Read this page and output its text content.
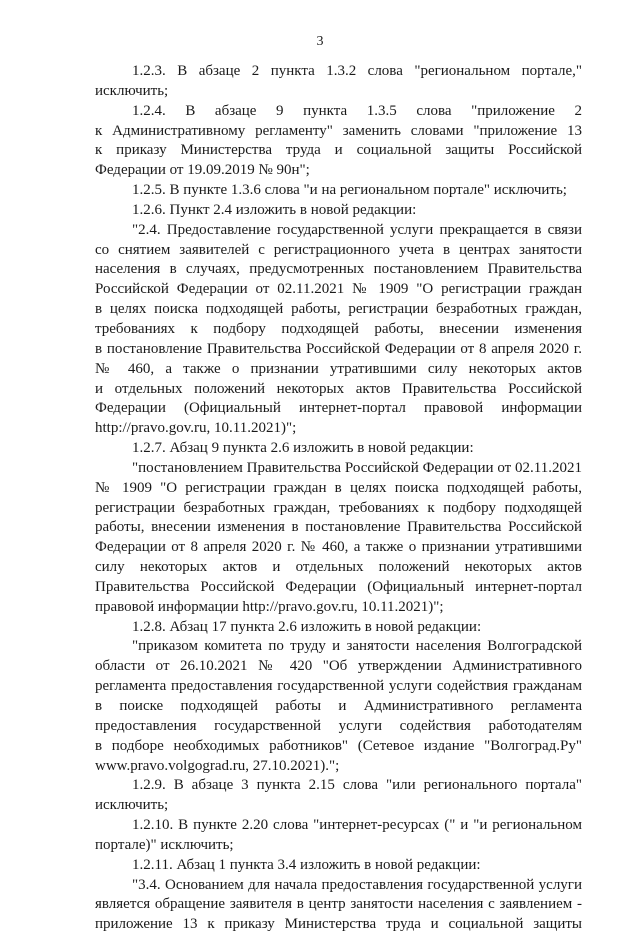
3
1.2.3. В абзаце 2 пункта 1.3.2 слова "региональном портале,"
исключить;
1.2.4. В абзаце 9 пункта 1.3.5 слова "приложение 2
к Административному регламенту" заменить словами "приложение 13
к приказу Министерства труда и социальной защиты Российской
Федерации от 19.09.2019 № 90н";
1.2.5. В пункте 1.3.6 слова "и на региональном портале" исключить;
1.2.6. Пункт 2.4 изложить в новой редакции:
"2.4. Предоставление государственной услуги прекращается в связи
со снятием заявителей с регистрационного учета в центрах занятости
населения в случаях, предусмотренных постановлением Правительства
Российской Федерации от 02.11.2021 № 1909 "О регистрации граждан
в целях поиска подходящей работы, регистрации безработных граждан,
требованиях к подбору подходящей работы, внесении изменения
в постановление Правительства Российской Федерации от 8 апреля 2020 г.
№ 460, а также о признании утратившими силу некоторых актов
и отдельных положений некоторых актов Правительства Российской
Федерации (Официальный интернет-портал правовой информации
http://pravo.gov.ru, 10.11.2021)";
1.2.7. Абзац 9 пункта 2.6 изложить в новой редакции:
"постановлением Правительства Российской Федерации от 02.11.2021
№ 1909 "О регистрации граждан в целях поиска подходящей работы,
регистрации безработных граждан, требованиях к подбору подходящей
работы, внесении изменения в постановление Правительства Российской
Федерации от 8 апреля 2020 г. № 460, а также о признании утратившими
силу некоторых актов и отдельных положений некоторых актов
Правительства Российской Федерации (Официальный интернет-портал
правовой информации http://pravo.gov.ru, 10.11.2021)";
1.2.8. Абзац 17 пункта 2.6 изложить в новой редакции:
"приказом комитета по труду и занятости населения Волгоградской
области от 26.10.2021 № 420 "Об утверждении Административного
регламента предоставления государственной услуги содействия гражданам
в поиске подходящей работы и Административного регламента
предоставления государственной услуги содействия работодателям
в подборе необходимых работников" (Сетевое издание "Волгоград.Ру"
www.pravo.volgograd.ru, 27.10.2021).";
1.2.9. В абзаце 3 пункта 2.15 слова "или регионального портала"
исключить;
1.2.10. В пункте 2.20 слова "интернет-ресурсах (" и "и региональном
портале)" исключить;
1.2.11. Абзац 1 пункта 3.4 изложить в новой редакции:
"3.4. Основанием для начала предоставления государственной услуги
является обращение заявителя в центр занятости населения с заявлением -
приложение 13 к приказу Министерства труда и социальной защиты
